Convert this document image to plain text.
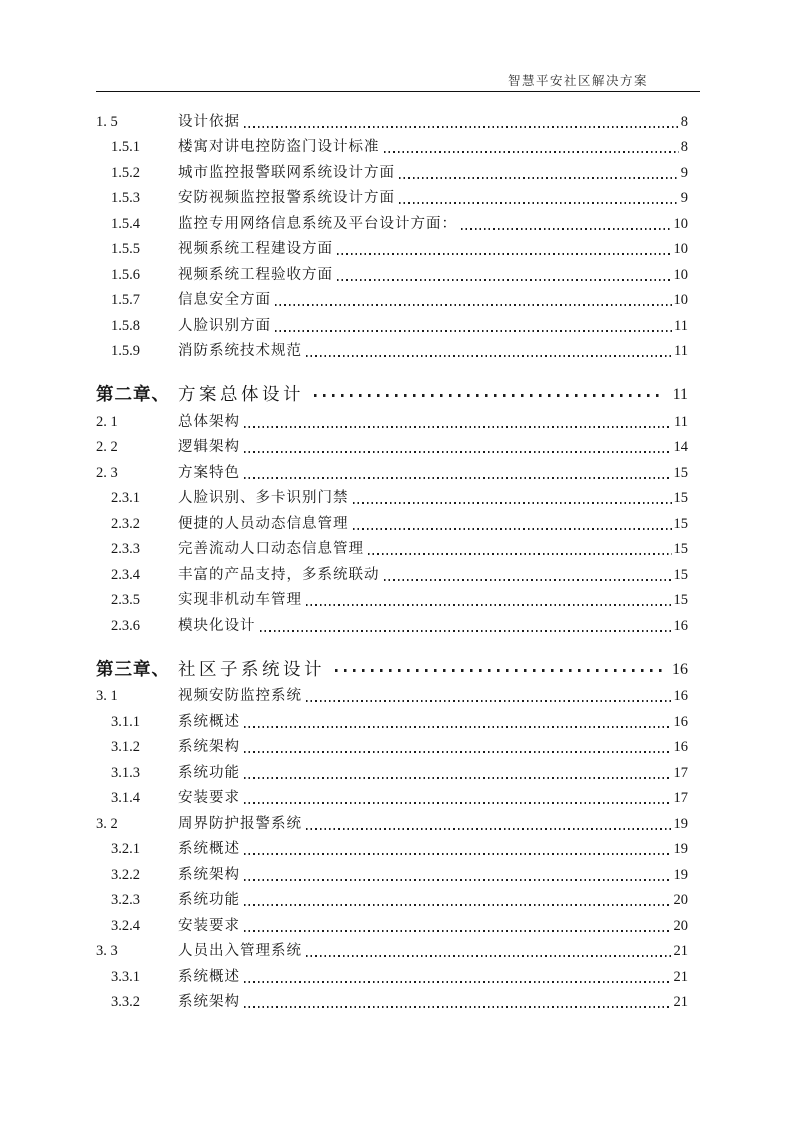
智慧平安社区解决方案
1. 5	设计依据	8
1.5.1	楼寓对讲电控防盗门设计标准	8
1.5.2	城市监控报警联网系统设计方面	9
1.5.3	安防视频监控报警系统设计方面	9
1.5.4	监控专用网络信息系统及平台设计方面：	10
1.5.5	视频系统工程建设方面	10
1.5.6	视频系统工程验收方面	10
1.5.7	信息安全方面	10
1.5.8	人脸识别方面	11
1.5.9	消防系统技术规范	11
第二章、 方案总体设计	11
2. 1	总体架构	11
2. 2	逻辑架构	14
2. 3	方案特色	15
2.3.1	人脸识别、多卡识别门禁	15
2.3.2	便捷的人员动态信息管理	15
2.3.3	完善流动人口动态信息管理	15
2.3.4	丰富的产品支持，多系统联动	15
2.3.5	实现非机动车管理	15
2.3.6	模块化设计	16
第三章、 社区子系统设计	16
3. 1	视频安防监控系统	16
3.1.1	系统概述	16
3.1.2	系统架构	16
3.1.3	系统功能	17
3.1.4	安装要求	17
3. 2	周界防护报警系统	19
3.2.1	系统概述	19
3.2.2	系统架构	19
3.2.3	系统功能	20
3.2.4	安装要求	20
3. 3	人员出入管理系统	21
3.3.1	系统概述	21
3.3.2	系统架构	21
